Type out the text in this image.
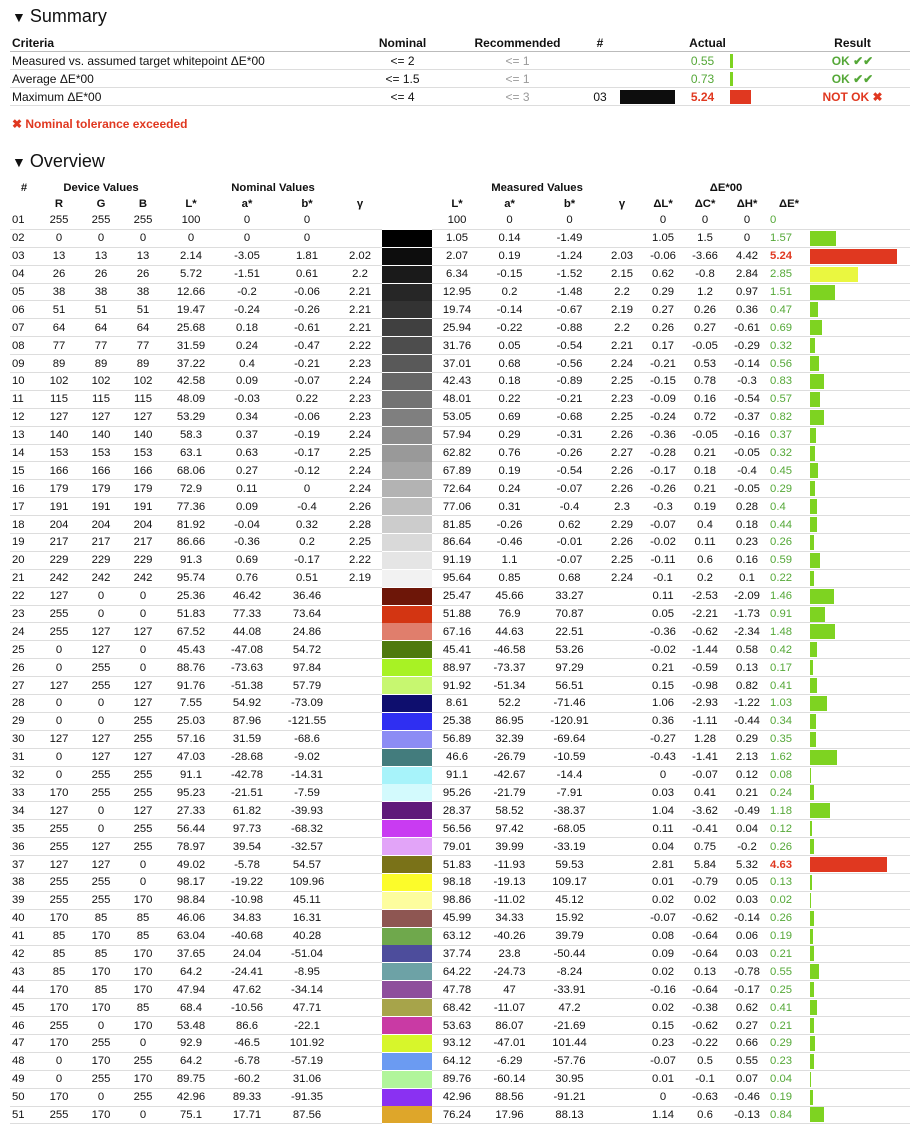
▼ Summary
Criteria	Nominal	Recommended	#	Actual			Result
Measured vs. assumed target whitepoint ΔE*00	<= 2	<= 1			0.55		OK ✔✔
Average ΔE*00	<= 1.5	<= 1			0.73		OK ✔✔
Maximum ΔE*00	<= 4	<= 3	03		5.24		NOT OK ✖
✖ Nominal tolerance exceeded
▼ Overview
#	Device Values			Nominal Values					Measured Values				ΔE*00				
	R	G	B	L*	a*	b*	γ		L*	a*	b*	γ	ΔL*	ΔC*	ΔH*	ΔE*	
01	255	255	255	100	0	0			100	0	0		0	0	0	0	

02	0	0	0	0	0	0			1.05	0.14	-1.49		1.05	1.5	0	1.57	

03	13	13	13	2.14	-3.05	1.81	2.02		2.07	0.19	-1.24	2.03	-0.06	-3.66	4.42	5.24	

04	26	26	26	5.72	-1.51	0.61	2.2		6.34	-0.15	-1.52	2.15	0.62	-0.8	2.84	2.85	

05	38	38	38	12.66	-0.2	-0.06	2.21		12.95	0.2	-1.48	2.2	0.29	1.2	0.97	1.51	

06	51	51	51	19.47	-0.24	-0.26	2.21		19.74	-0.14	-0.67	2.19	0.27	0.26	0.36	0.47	

07	64	64	64	25.68	0.18	-0.61	2.21		25.94	-0.22	-0.88	2.2	0.26	0.27	-0.61	0.69	

08	77	77	77	31.59	0.24	-0.47	2.22		31.76	0.05	-0.54	2.21	0.17	-0.05	-0.29	0.32	

09	89	89	89	37.22	0.4	-0.21	2.23		37.01	0.68	-0.56	2.24	-0.21	0.53	-0.14	0.56	

10	102	102	102	42.58	0.09	-0.07	2.24		42.43	0.18	-0.89	2.25	-0.15	0.78	-0.3	0.83	

11	115	115	115	48.09	-0.03	0.22	2.23		48.01	0.22	-0.21	2.23	-0.09	0.16	-0.54	0.57	

12	127	127	127	53.29	0.34	-0.06	2.23		53.05	0.69	-0.68	2.25	-0.24	0.72	-0.37	0.82	

13	140	140	140	58.3	0.37	-0.19	2.24		57.94	0.29	-0.31	2.26	-0.36	-0.05	-0.16	0.37	

14	153	153	153	63.1	0.63	-0.17	2.25		62.82	0.76	-0.26	2.27	-0.28	0.21	-0.05	0.32	

15	166	166	166	68.06	0.27	-0.12	2.24		67.89	0.19	-0.54	2.26	-0.17	0.18	-0.4	0.45	

16	179	179	179	72.9	0.11	0	2.24		72.64	0.24	-0.07	2.26	-0.26	0.21	-0.05	0.29	

17	191	191	191	77.36	0.09	-0.4	2.26		77.06	0.31	-0.4	2.3	-0.3	0.19	0.28	0.4	

18	204	204	204	81.92	-0.04	0.32	2.28		81.85	-0.26	0.62	2.29	-0.07	0.4	0.18	0.44	

19	217	217	217	86.66	-0.36	0.2	2.25		86.64	-0.46	-0.01	2.26	-0.02	0.11	0.23	0.26	

20	229	229	229	91.3	0.69	-0.17	2.22		91.19	1.1	-0.07	2.25	-0.11	0.6	0.16	0.59	

21	242	242	242	95.74	0.76	0.51	2.19		95.64	0.85	0.68	2.24	-0.1	0.2	0.1	0.22	

22	127	0	0	25.36	46.42	36.46			25.47	45.66	33.27		0.11	-2.53	-2.09	1.46	

23	255	0	0	51.83	77.33	73.64			51.88	76.9	70.87		0.05	-2.21	-1.73	0.91	

24	255	127	127	67.52	44.08	24.86			67.16	44.63	22.51		-0.36	-0.62	-2.34	1.48	

25	0	127	0	45.43	-47.08	54.72			45.41	-46.58	53.26		-0.02	-1.44	0.58	0.42	

26	0	255	0	88.76	-73.63	97.84			88.97	-73.37	97.29		0.21	-0.59	0.13	0.17	

27	127	255	127	91.76	-51.38	57.79			91.92	-51.34	56.51		0.15	-0.98	0.82	0.41	

28	0	0	127	7.55	54.92	-73.09			8.61	52.2	-71.46		1.06	-2.93	-1.22	1.03	

29	0	0	255	25.03	87.96	-121.55			25.38	86.95	-120.91		0.36	-1.11	-0.44	0.34	

30	127	127	255	57.16	31.59	-68.6			56.89	32.39	-69.64		-0.27	1.28	0.29	0.35	

31	0	127	127	47.03	-28.68	-9.02			46.6	-26.79	-10.59		-0.43	-1.41	2.13	1.62	

32	0	255	255	91.1	-42.78	-14.31			91.1	-42.67	-14.4		0	-0.07	0.12	0.08	

33	170	255	255	95.23	-21.51	-7.59			95.26	-21.79	-7.91		0.03	0.41	0.21	0.24	

34	127	0	127	27.33	61.82	-39.93			28.37	58.52	-38.37		1.04	-3.62	-0.49	1.18	

35	255	0	255	56.44	97.73	-68.32			56.56	97.42	-68.05		0.11	-0.41	0.04	0.12	

36	255	127	255	78.97	39.54	-32.57			79.01	39.99	-33.19		0.04	0.75	-0.2	0.26	

37	127	127	0	49.02	-5.78	54.57			51.83	-11.93	59.53		2.81	5.84	5.32	4.63	

38	255	255	0	98.17	-19.22	109.96			98.18	-19.13	109.17		0.01	-0.79	0.05	0.13	

39	255	255	170	98.84	-10.98	45.11			98.86	-11.02	45.12		0.02	0.02	0.03	0.02	

40	170	85	85	46.06	34.83	16.31			45.99	34.33	15.92		-0.07	-0.62	-0.14	0.26	

41	85	170	85	63.04	-40.68	40.28			63.12	-40.26	39.79		0.08	-0.64	0.06	0.19	

42	85	85	170	37.65	24.04	-51.04			37.74	23.8	-50.44		0.09	-0.64	0.03	0.21	

43	85	170	170	64.2	-24.41	-8.95			64.22	-24.73	-8.24		0.02	0.13	-0.78	0.55	

44	170	85	170	47.94	47.62	-34.14			47.78	47	-33.91		-0.16	-0.64	-0.17	0.25	

45	170	170	85	68.4	-10.56	47.71			68.42	-11.07	47.2		0.02	-0.38	0.62	0.41	

46	255	0	170	53.48	86.6	-22.1			53.63	86.07	-21.69		0.15	-0.62	0.27	0.21	

47	170	255	0	92.9	-46.5	101.92			93.12	-47.01	101.44		0.23	-0.22	0.66	0.29	

48	0	170	255	64.2	-6.78	-57.19			64.12	-6.29	-57.76		-0.07	0.5	0.55	0.23	

49	0	255	170	89.75	-60.2	31.06			89.76	-60.14	30.95		0.01	-0.1	0.07	0.04	

50	170	0	255	42.96	89.33	-91.35			42.96	88.56	-91.21		0	-0.63	-0.46	0.19	

51	255	170	0	75.1	17.71	87.56			76.24	17.96	88.13		1.14	0.6	-0.13	0.84	
